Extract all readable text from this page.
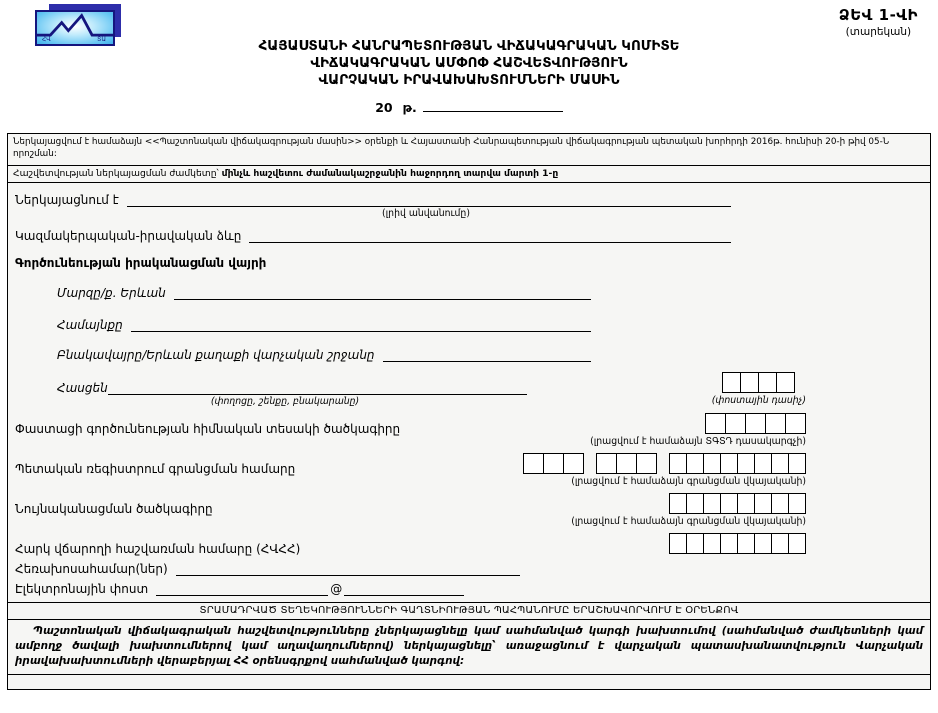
ՀՎ	ՏԱ
ՁԵՎ 1-ՎԻ
(տարեկան)
ՀԱՅԱՍՏԱՆԻ ՀԱՆՐԱՊԵՏՈՒԹՅԱՆ ՎԻՃԱԿԱԳՐԱԿԱՆ ԿՈՄԻՏԵ
ՎԻՃԱԿԱԳՐԱԿԱՆ ԱՄՓՈՓ ՀԱՇՎԵՏՎՈՒԹՅՈՒՆ
ՎԱՐՉԱԿԱՆ ԻՐԱՎԱԽԱԽՏՈՒՄՆԵՐԻ ՄԱՍԻՆ
20 թ.
Ներկայացվում է համաձայն <<Պաշտոնական վիճակագրության մասին>> օրենքի և Հայաստանի Հանրապետության վիճակագրության պետական խորհրդի 2016թ. հունիսի 20-ի թիվ 05-Ն որոշման:
Հաշվետվության ներկայացման ժամկետը՝ մինչև հաշվետու ժամանակաշրջանին հաջորդող տարվա մարտի 1-ը
Ներկայացնում է
(լրիվ անվանումը)
Կազմակերպական-իրավական ձևը
Գործունեության իրականացման վայրի
Մարզը/ք. Երևան
Համայնքը
Բնակավայրը/Երևան քաղաքի վարչական շրջանը
Հասցեն
(փողոցը, շենքը, բնակարանը)	(փոստային դասիչ)
Փաստացի գործունեության հիմնական տեսակի ծածկագիրը
(լրացվում է համաձայն ՏԳՏԴ դասակարգչի)
Պետական ռեգիստրում գրանցման համարը
(լրացվում է համաձայն գրանցման վկայականի)
Նույնականացման ծածկագիրը
(լրացվում է համաձայն գրանցման վկայականի)
Հարկ վճարողի հաշվառման համարը (ՀՎՀՀ)
Հեռախոսահամար(ներ)
Էլեկտրոնային փոստ	@
ՏՐԱՄԱԴՐՎԱԾ ՏԵՂԵԿՈՒԹՅՈՒՆՆԵՐԻ ԳԱՂՏՆԻՈՒԹՅԱՆ ՊԱՀՊԱՆՈՒՄԸ ԵՐԱՇԽԱՎՈՐՎՈՒՄ Է ՕՐԵՆՔՈՎ
Պաշտոնական վիճակագրական հաշվետվությունները չներկայացնելը կամ սահմանված կարգի խախտումով (սահմանված ժամկետների կամ ամբողջ ծավալի խախտումներով կամ աղավաղումներով) ներկայացնելը՝ առաջացնում է վարչական պատասխանատվություն Վարչական իրավախախտումների վերաբերյալ ՀՀ օրենսգրքով սահմանված կարգով:
